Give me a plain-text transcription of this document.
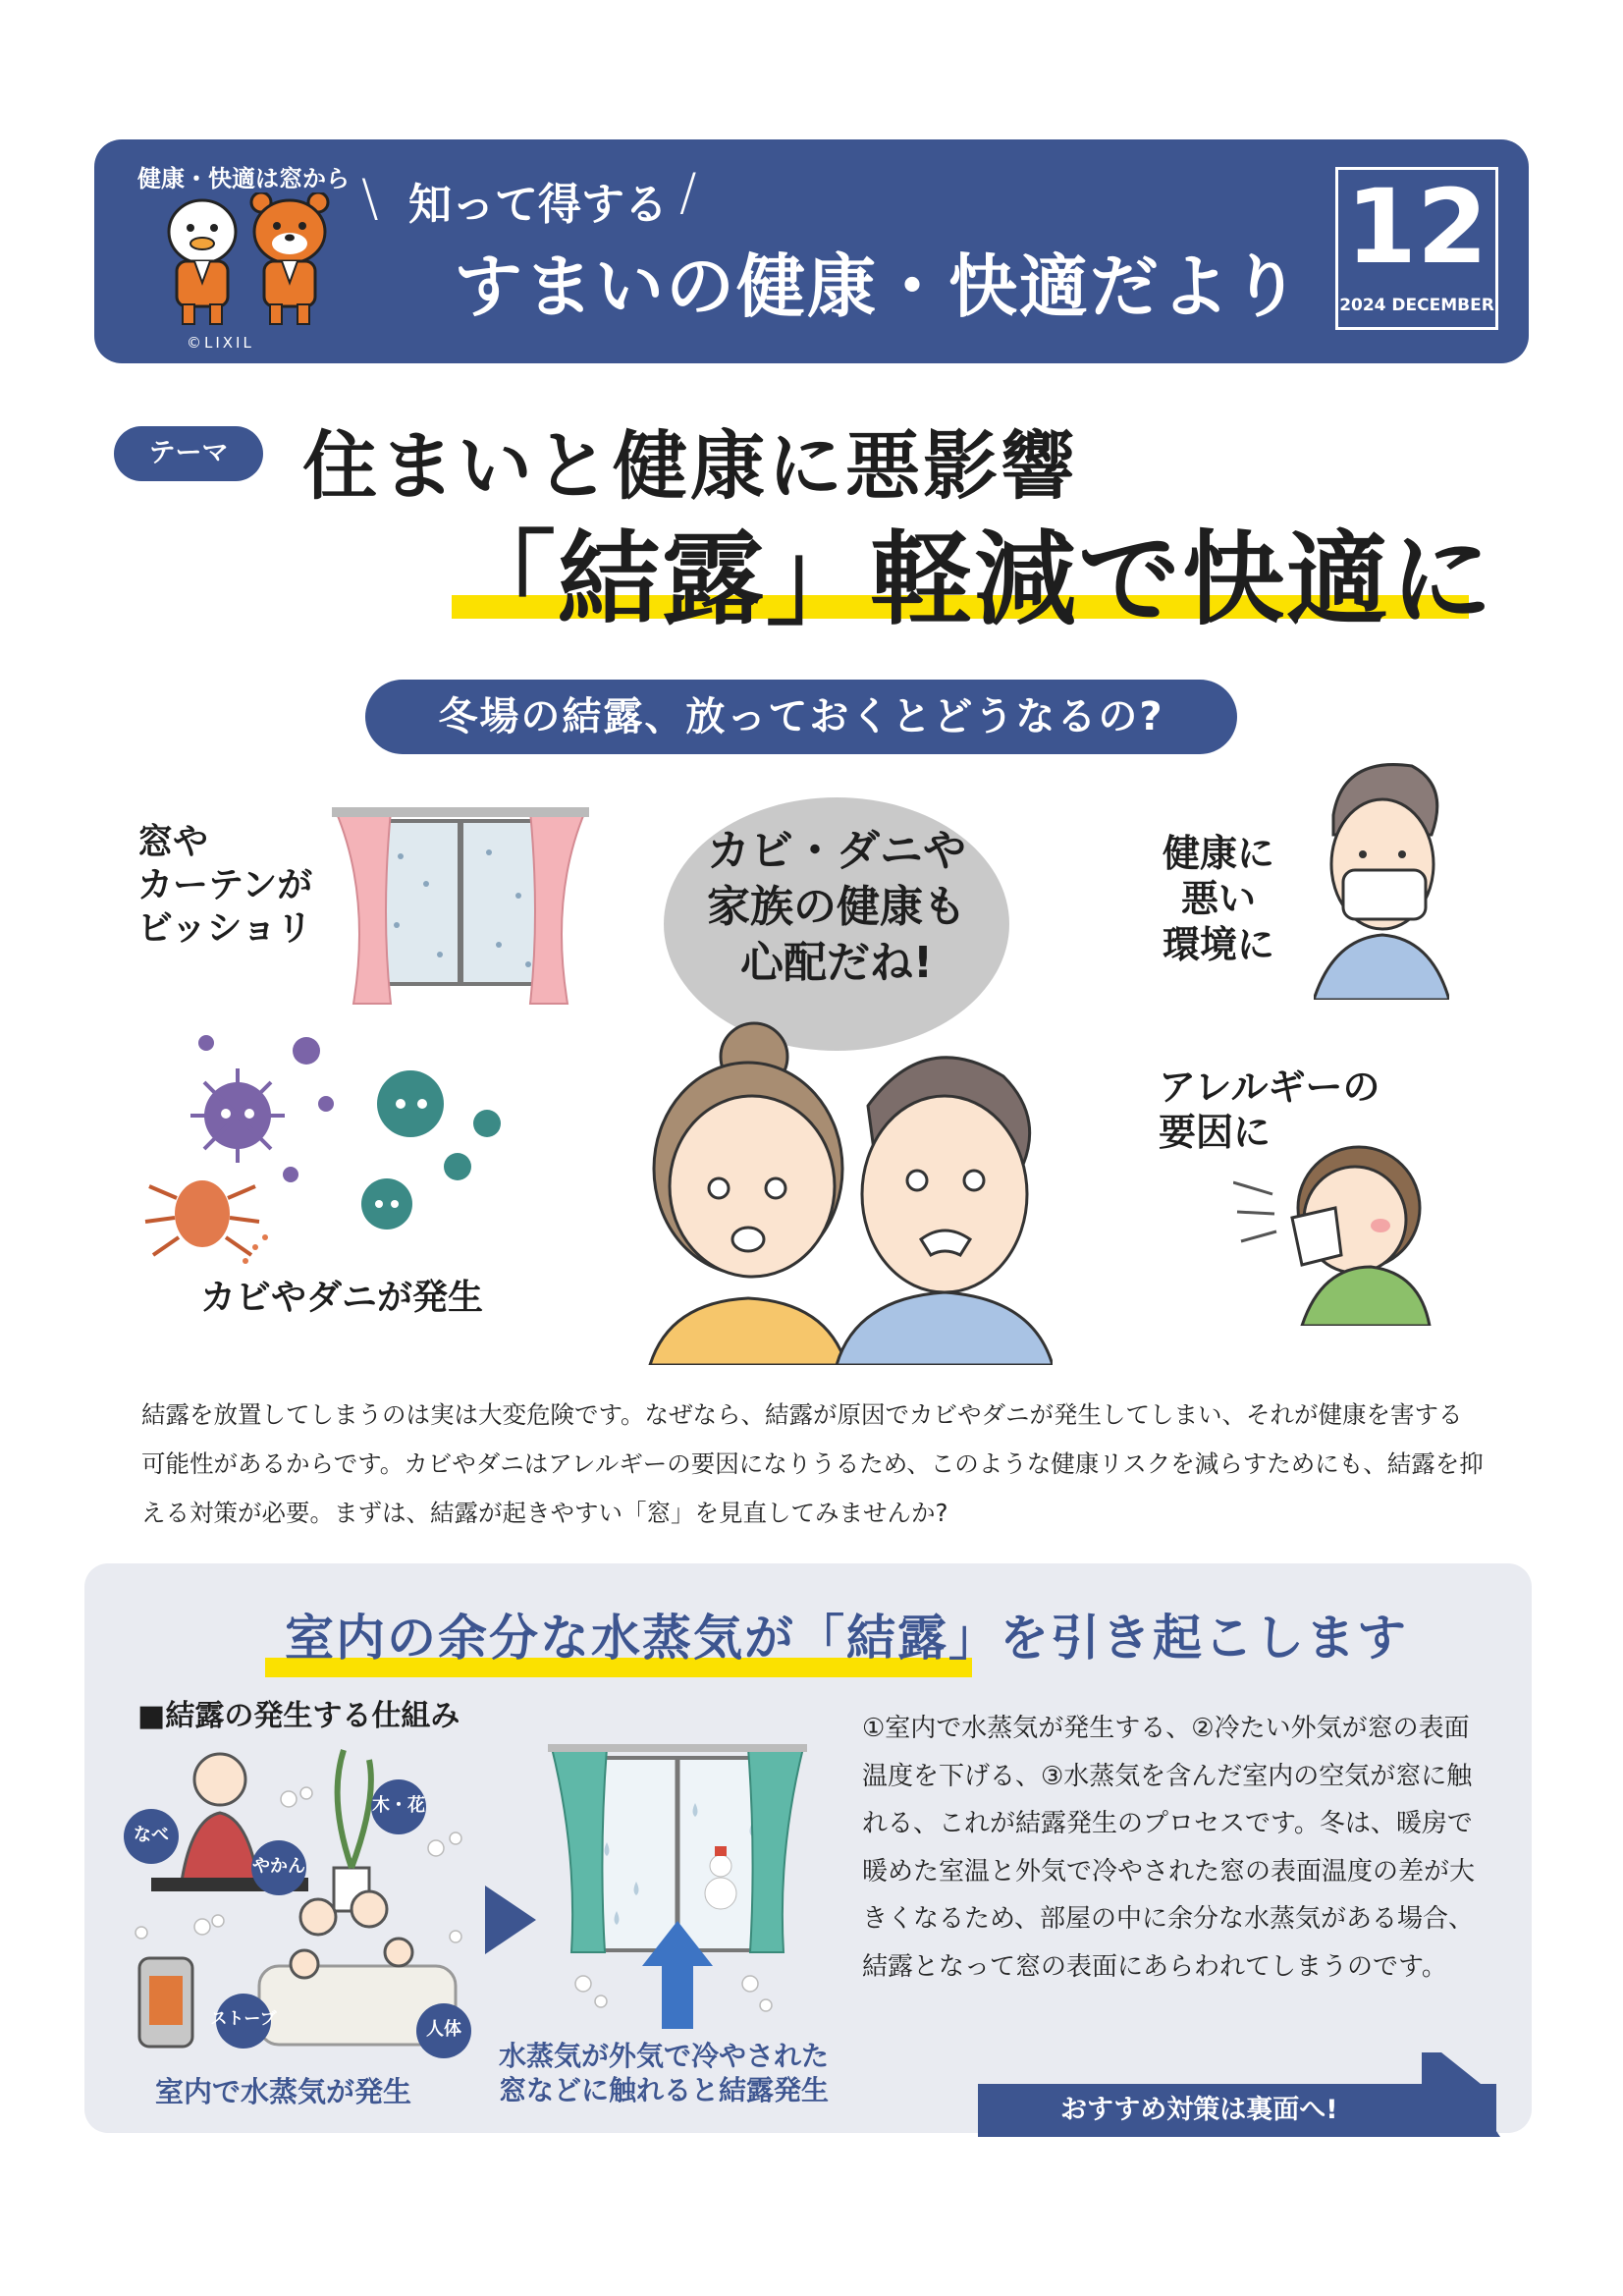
健康・快適は窓から
©LIXIL
\ 知って得する /
すまいの健康・快適だより 12
2024 DECEMBER
テーマ 住まいと健康に悪影響
「結露」軽減で快適に
冬場の結露、放っておくとどうなるの?
窓や
カーテンが
ビッショリ
カビ・ダニや
家族の健康も
心配だね!
カビやダニが発生
健康に
悪い
環境に
アレルギーの
要因に
結露を放置してしまうのは実は大変危険です。なぜなら、結露が原因でカビやダニが発生してしまい、それが健康を害する可能性があるからです。カビやダニはアレルギーの要因になりうるため、このような健康リスクを減らすためにも、結露を抑える対策が必要。まずは、結露が起きやすい「窓」を見直してみませんか?
室内の余分な水蒸気が「結露」を引き起こします
■結露の発生する仕組み
なべ
やかん
木・花
ストーブ	人体
室内で水蒸気が発生
水蒸気が外気で冷やされた
窓などに触れると結露発生
①室内で水蒸気が発生する、②冷たい外気が窓の表面温度を下げる、③水蒸気を含んだ室内の空気が窓に触れる、これが結露発生のプロセスです。冬は、暖房で暖めた室温と外気で冷やされた窓の表面温度の差が大きくなるため、部屋の中に余分な水蒸気がある場合、結露となって窓の表面にあらわれてしまうのです。
おすすめ対策は裏面へ!
